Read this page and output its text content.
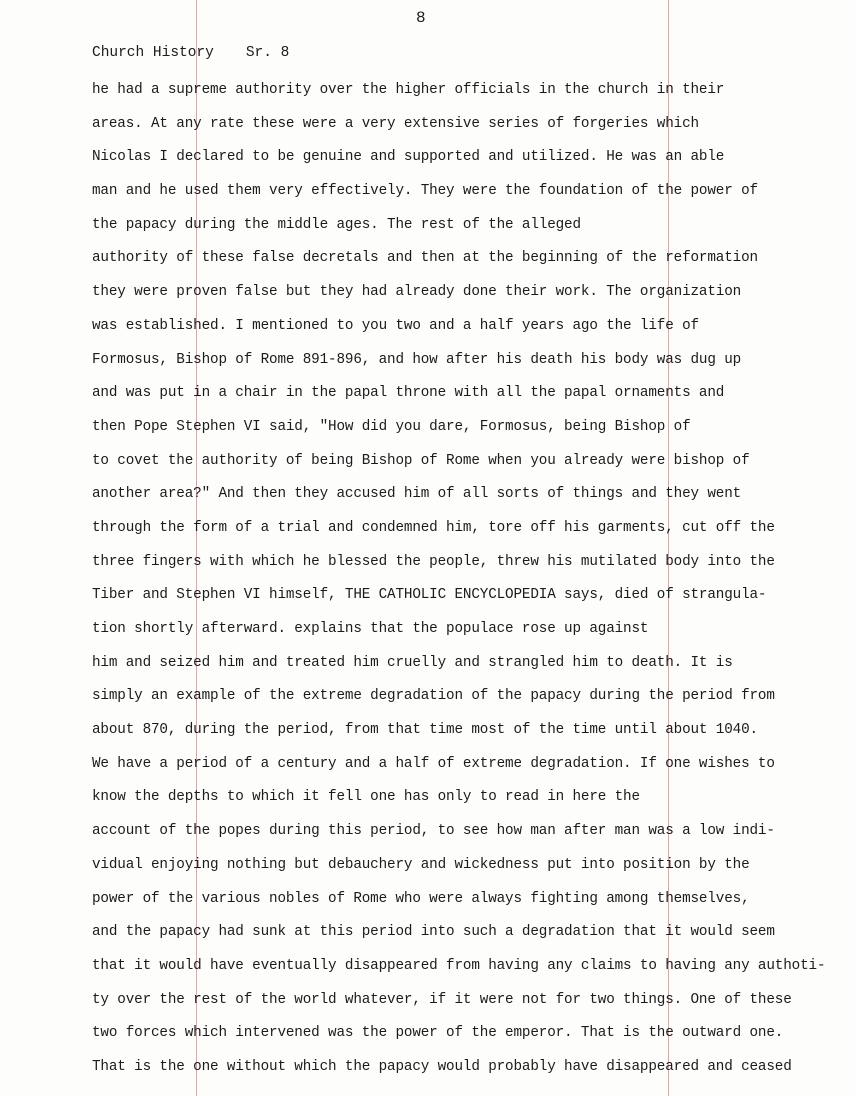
8
Church History Sr. 8
he had a supreme authority over the higher officials in the church in their
areas. At any rate these were a very extensive series of forgeries which
Nicolas I declared to be genuine and supported and utilized. He was an able
man and he used them very effectively. They were the foundation of the power of
the papacy during the middle ages. The rest of the alleged
authority of these false decretals and then at the beginning of the reformation
they were proven false but they had already done their work. The organization
was established. I mentioned to you two and a half years ago the life of
Formosus, Bishop of Rome 891-896, and how after his death his body was dug up
and was put in a chair in the papal throne with all the papal ornaments and
then Pope Stephen VI said, "How did you dare, Formosus, being Bishop of
to covet the authority of being Bishop of Rome when you already were bishop of
another area?" And then they accused him of all sorts of things and they went
through the form of a trial and condemned him, tore off his garments, cut off the
three fingers with which he blessed the people, threw his mutilated body into the
Tiber and Stephen VI himself, THE CATHOLIC ENCYCLOPEDIA says, died of strangula-
tion shortly afterward. explains that the populace rose up against
him and seized him and treated him cruelly and strangled him to death. It is
simply an example of the extreme degradation of the papacy during the period from
about 870, during the period, from that time most of the time until about 1040.
We have a period of a century and a half of extreme degradation. If one wishes to
know the depths to which it fell one has only to read in here the
account of the popes during this period, to see how man after man was a low indi-
vidual enjoying nothing but debauchery and wickedness put into position by the
power of the various nobles of Rome who were always fighting among themselves,
and the papacy had sunk at this period into such a degradation that it would seem
that it would have eventually disappeared from having any claims to having any authoti-
ty over the rest of the world whatever, if it were not for two things. One of these
two forces which intervened was the power of the emperor. That is the outward one.
That is the one without which the papacy would probably have disappeared and ceased
